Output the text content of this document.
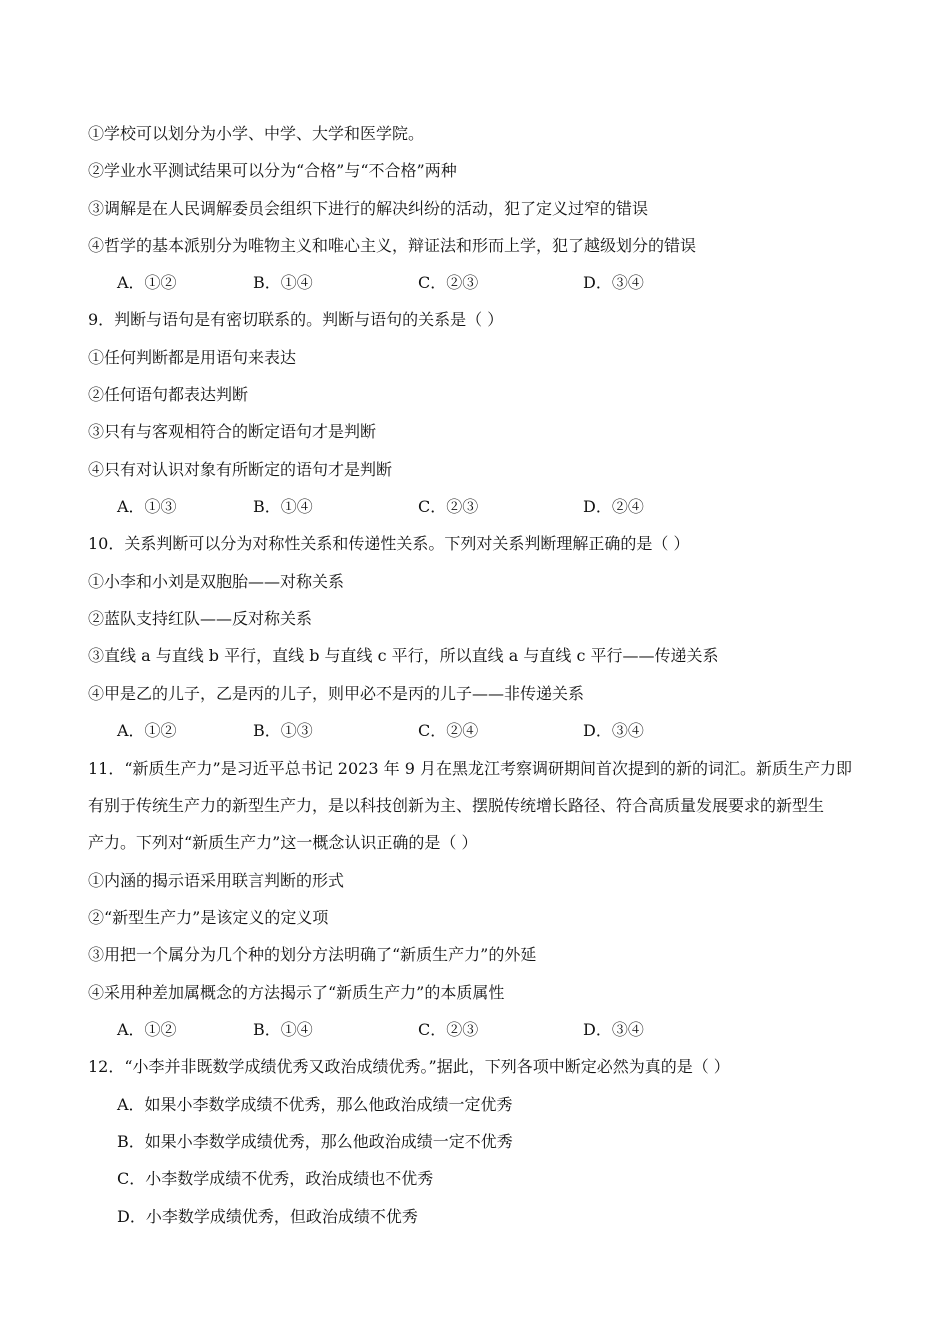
①学校可以划分为小学、中学、大学和医学院。
②学业水平测试结果可以分为“合格”与“不合格”两种
③调解是在人民调解委员会组织下进行的解决纠纷的活动，犯了定义过窄的错误
④哲学的基本派别分为唯物主义和唯心主义，辩证法和形而上学，犯了越级划分的错误
A．①②	B．①④	C．②③	D．③④
9．判断与语句是有密切联系的。判断与语句的关系是（ ）
①任何判断都是用语句来表达
②任何语句都表达判断
③只有与客观相符合的断定语句才是判断
④只有对认识对象有所断定的语句才是判断
A．①③	B．①④	C．②③	D．②④
10．关系判断可以分为对称性关系和传递性关系。下列对关系判断理解正确的是（ ）
①小李和小刘是双胞胎——对称关系
②蓝队支持红队——反对称关系
③直线 a 与直线 b 平行，直线 b 与直线 c 平行，所以直线 a 与直线 c 平行——传递关系
④甲是乙的儿子，乙是丙的儿子，则甲必不是丙的儿子——非传递关系
A．①②	B．①③	C．②④	D．③④
11．“新质生产力”是习近平总书记 2023 年 9 月在黑龙江考察调研期间首次提到的新的词汇。新质生产力即
有别于传统生产力的新型生产力，是以科技创新为主、摆脱传统增长路径、符合高质量发展要求的新型生
产力。下列对“新质生产力”这一概念认识正确的是（ ）
①内涵的揭示语采用联言判断的形式
②“新型生产力”是该定义的定义项
③用把一个属分为几个种的划分方法明确了“新质生产力”的外延
④采用种差加属概念的方法揭示了“新质生产力”的本质属性
A．①②	B．①④	C．②③	D．③④
12．“小李并非既数学成绩优秀又政治成绩优秀。”据此，下列各项中断定必然为真的是（ ）
A．如果小李数学成绩不优秀，那么他政治成绩一定优秀
B．如果小李数学成绩优秀，那么他政治成绩一定不优秀
C．小李数学成绩不优秀，政治成绩也不优秀
D．小李数学成绩优秀，但政治成绩不优秀
